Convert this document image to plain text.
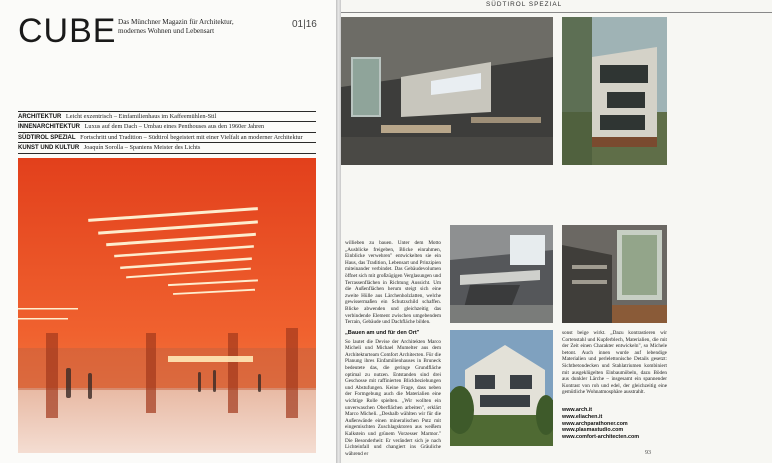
CUBE Das Münchner Magazin für Architektur, modernes Wohnen und Lebensart
01|16
ARCHITEKTUR Leicht exzentrisch – Einfamilienhaus im Kaffeemühlen-Stil
INNENARCHITEKTUR Luxus auf dem Dach – Umbau eines Penthouses aus den 1960er Jahren
SÜDTIROL SPEZIAL Fortschritt und Tradition – Südtirol begeistert mit einer Vielfalt an moderner Architektur
KUNST UND KULTUR Joaquín Sorolla – Spaniens Meister des Lichts
SÜDTIROL SPEZIAL

willieben zu bauen. Unter dem Motto „Ausblicke freigeben, Blicke einrahmen, Einblicke verwehren" entwickelten sie ein Haus, das Tradition, Lebensart und Prinzipien miteinander verbindet. Das Gebäudevolumen öffnet sich mit großzügigen Verglasungen und Terrassenflächen in Richtung Aussicht. Um die Außenflächen herum steigt sich eine zweite Hülle aus Lärchenholzlatten, welche gewissermaßen ein Schutzschild schaffen. Blicke abwenden und gleichzeitig das verbindende Element zwischen umgebendem Terrain, Gebäude und Dachfläche bilden.

„Bauen am und für den Ort"

So lautet die Devise der Architekten Marco Micheli und Michael Mumelter aus dem Architekturteam Comfort Architecten. Für die Planung ihres Einfamilienhauses in Bruneck bedeutete das, die geringe Grundfläche optimal zu nutzen. Entstanden sind drei Geschosse mit raffinierten Blickbeziehungen und Abstufungen. Keine Frage, dass neben der Formgebung auch die Materialien eine wichtige Rolle spielten. „Wir wollten ein unverwaschen Oberflächen arbeiten", erklärt Marco Micheli. „Deshalb wählten wir für die Außenwände einen mineralischen Putz mit eingemischten Zuschlagsktoren aus weißem Kalkstein und grünem Vorzesser Marmor." Die Besonderheit: Er verändert sich je nach Lichteinfall und changiert ins Gräuliche während er

sonst beige wirkt. „Dazu kontrastieren wir Cortenstahl und Kupferblech, Materialien, die mit der Zeit einen Charakter entwickeln", so Michele betont. Auch innen wurde auf lebendige Materialien und perlelettonische Details gesetzt: Sichtbetondecken und Stahlatriumen kombiniert mit ausgeklügelten Einbaumöbeln, dazu Böden aus dunkler Lärche – insgesamt ein spannender Kontrast von roh und edel, der gleichzeitig eine gemütliche Wohnatmosphäre ausstrahlt.

www.arch.it
www.eliachen.it
www.archparathoner.com
www.plasmastudio.com
www.comfort-architecten.com
93
